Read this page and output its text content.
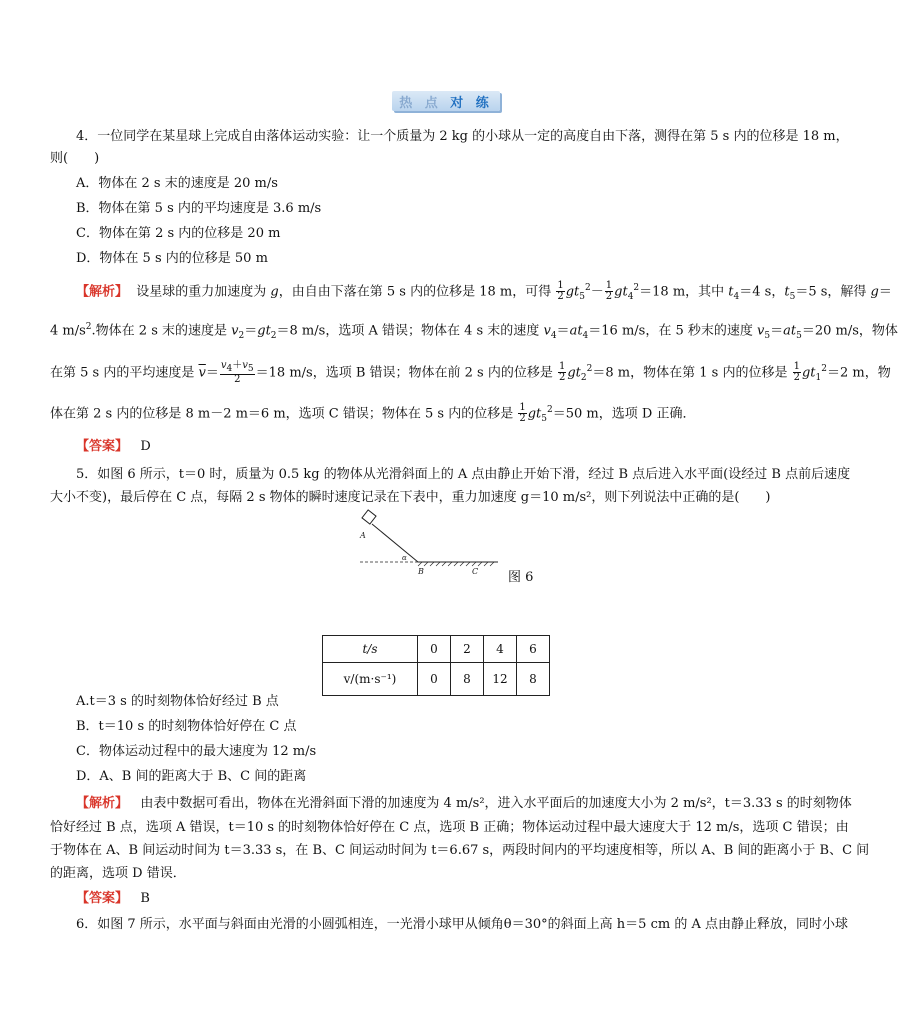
热 点 对 练
4．一位同学在某星球上完成自由落体运动实验：让一个质量为 2 kg 的小球从一定的高度自由下落，测得在第 5 s 内的位移是 18 m，
则(　　)
A．物体在 2 s 末的速度是 20 m/s
B．物体在第 5 s 内的平均速度是 3.6 m/s
C．物体在第 2 s 内的位移是 20 m
D．物体在 5 s 内的位移是 50 m
【解析】  设星球的重力加速度为 g，由自由下落在第 5 s 内的位移是 18 m，可得 $\frac{1}{2} gt_5^2- \frac{1}{2} gt_4^2=18$ m，其中 $t_4=4$ s，$t_5=5$ s，解得 g＝
4 $m/s^2$.物体在 2 s 末的速度是 $v_2=gt_2=8$ m/s，选项 A 错误；物体在 4 s 末的速度 $v_4=at_4=16$ m/s，在 5 秒末的速度 $v_5=at_5=20$ m/s，物体
在第 5 s 内的平均速度是 $\overline{v}= \frac{v_4+v_5}{2} =18$ m/s，选项 B 错误；物体在前 2 s 内的位移是 $\frac{1}{2} gt_2^2=8$ m，物体在第 1 s 内的位移是 $\frac{1}{2} gt_1^2=2$ m，物
体在第 2 s 内的位移是 8 m－2 m＝6 m，选项 C 错误；物体在 5 s 内的位移是 $\frac{1}{2} gt_5^2=50$ m，选项 D 正确．
【答案】 D
5．如图 6 所示，t＝0 时，质量为 0.5 kg 的物体从光滑斜面上的 A 点由静止开始下滑，经过 B 点后进入水平面(设经过 B 点前后速度
大小不变)，最后停在 C 点，每隔 2 s 物体的瞬时速度记录在下表中，重力加速度 g＝10 m/s²，则下列说法中正确的是(　　)
A
α
B	C 图 6
t/s	0	2	4	6
v/(m·s⁻¹)	0	8	12	8
A.t＝3 s 的时刻物体恰好经过 B 点
B．t＝10 s 的时刻物体恰好停在 C 点
C．物体运动过程中的最大速度为 12 m/s
D．A、B 间的距离大于 B、C 间的距离
【解析】 由表中数据可看出，物体在光滑斜面下滑的加速度为 4 m/s²，进入水平面后的加速度大小为 2 m/s²，t＝3.33 s 的时刻物体
恰好经过 B 点，选项 A 错误，t＝10 s 的时刻物体恰好停在 C 点，选项 B 正确；物体运动过程中最大速度大于 12 m/s，选项 C 错误；由
于物体在 A、B 间运动时间为 t＝3.33 s，在 B、C 间运动时间为 t＝6.67 s，两段时间内的平均速度相等，所以 A、B 间的距离小于 B、C 间
的距离，选项 D 错误．
【答案】 B
6．如图 7 所示，水平面与斜面由光滑的小圆弧相连，一光滑小球甲从倾角θ＝30°的斜面上高 h＝5 cm 的 A 点由静止释放，同时小球
